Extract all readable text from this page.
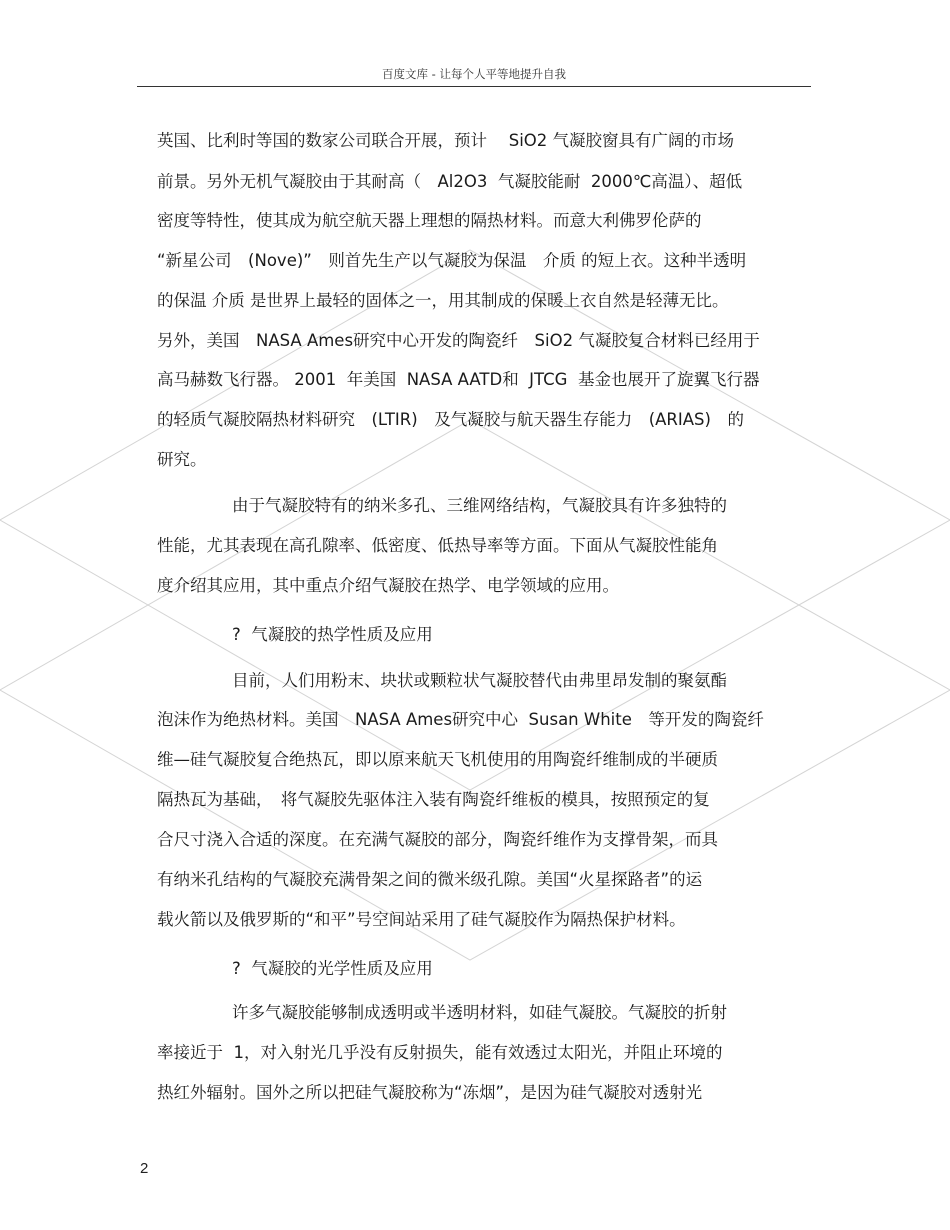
百度文库 - 让每个人平等地提升自我
英国、比利时等国的数家公司联合开展，预计　 SiO2 气凝胶窗具有广阔的市场
前景。另外无机气凝胶由于其耐高（　Al2O3  气凝胶能耐  2000℃高温）、超低
密度等特性，使其成为航空航天器上理想的隔热材料。而意大利佛罗伦萨的
“新星公司　(Nove)”　则首先生产以气凝胶为保温　介质 的短上衣。这种半透明
的保温 介质 是世界上最轻的固体之一，用其制成的保暖上衣自然是轻薄无比。
另外，美国　NASA Ames研究中心开发的陶瓷纤　SiO2 气凝胶复合材料已经用于
高马赫数飞行器。 2001  年美国  NASA AATD和  JTCG  基金也展开了旋翼飞行器
的轻质气凝胶隔热材料研究　(LTIR)　及气凝胶与航天器生存能力　(ARIAS)　的
研究。
由于气凝胶特有的纳米多孔、三维网络结构，气凝胶具有许多独特的
性能，尤其表现在高孔隙率、低密度、低热导率等方面。下面从气凝胶性能角
度介绍其应用，其中重点介绍气凝胶在热学、电学领域的应用。
?  气凝胶的热学性质及应用
目前，人们用粉末、块状或颗粒状气凝胶替代由弗里昂发制的聚氨酯
泡沫作为绝热材料。美国　NASA Ames研究中心  Susan White　等开发的陶瓷纤
维—硅气凝胶复合绝热瓦，即以原来航天飞机使用的用陶瓷纤维制成的半硬质
隔热瓦为基础，　将气凝胶先驱体注入装有陶瓷纤维板的模具，按照预定的复
合尺寸浇入合适的深度。在充满气凝胶的部分，陶瓷纤维作为支撑骨架，而具
有纳米孔结构的气凝胶充满骨架之间的微米级孔隙。美国“火星探路者”的运
载火箭以及俄罗斯的“和平”号空间站采用了硅气凝胶作为隔热保护材料。
?  气凝胶的光学性质及应用
许多气凝胶能够制成透明或半透明材料，如硅气凝胶。气凝胶的折射
率接近于  1，对入射光几乎没有反射损失，能有效透过太阳光，并阻止环境的
热红外辐射。国外之所以把硅气凝胶称为“冻烟”，是因为硅气凝胶对透射光
2
